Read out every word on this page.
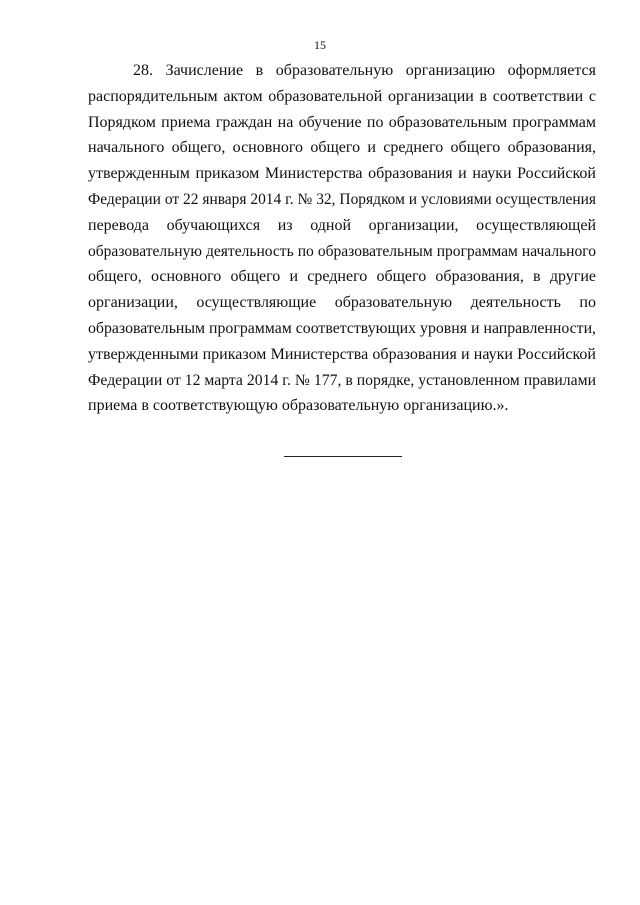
15
28. Зачисление в образовательную организацию оформляется
распорядительным актом образовательной организации в соответствии с
Порядком приема граждан на обучение по образовательным программам
начального общего, основного общего и среднего общего образования,
утвержденным приказом Министерства образования и науки Российской
Федерации от 22 января 2014 г. № 32, Порядком и условиями осуществления
перевода обучающихся из одной организации, осуществляющей
образовательную деятельность по образовательным программам начального
общего, основного общего и среднего общего образования, в другие
организации, осуществляющие образовательную деятельность по
образовательным программам соответствующих уровня и направленности,
утвержденными приказом Министерства образования и науки Российской
Федерации от 12 марта 2014 г. № 177, в порядке, установленном правилами
приема в соответствующую образовательную организацию.».
